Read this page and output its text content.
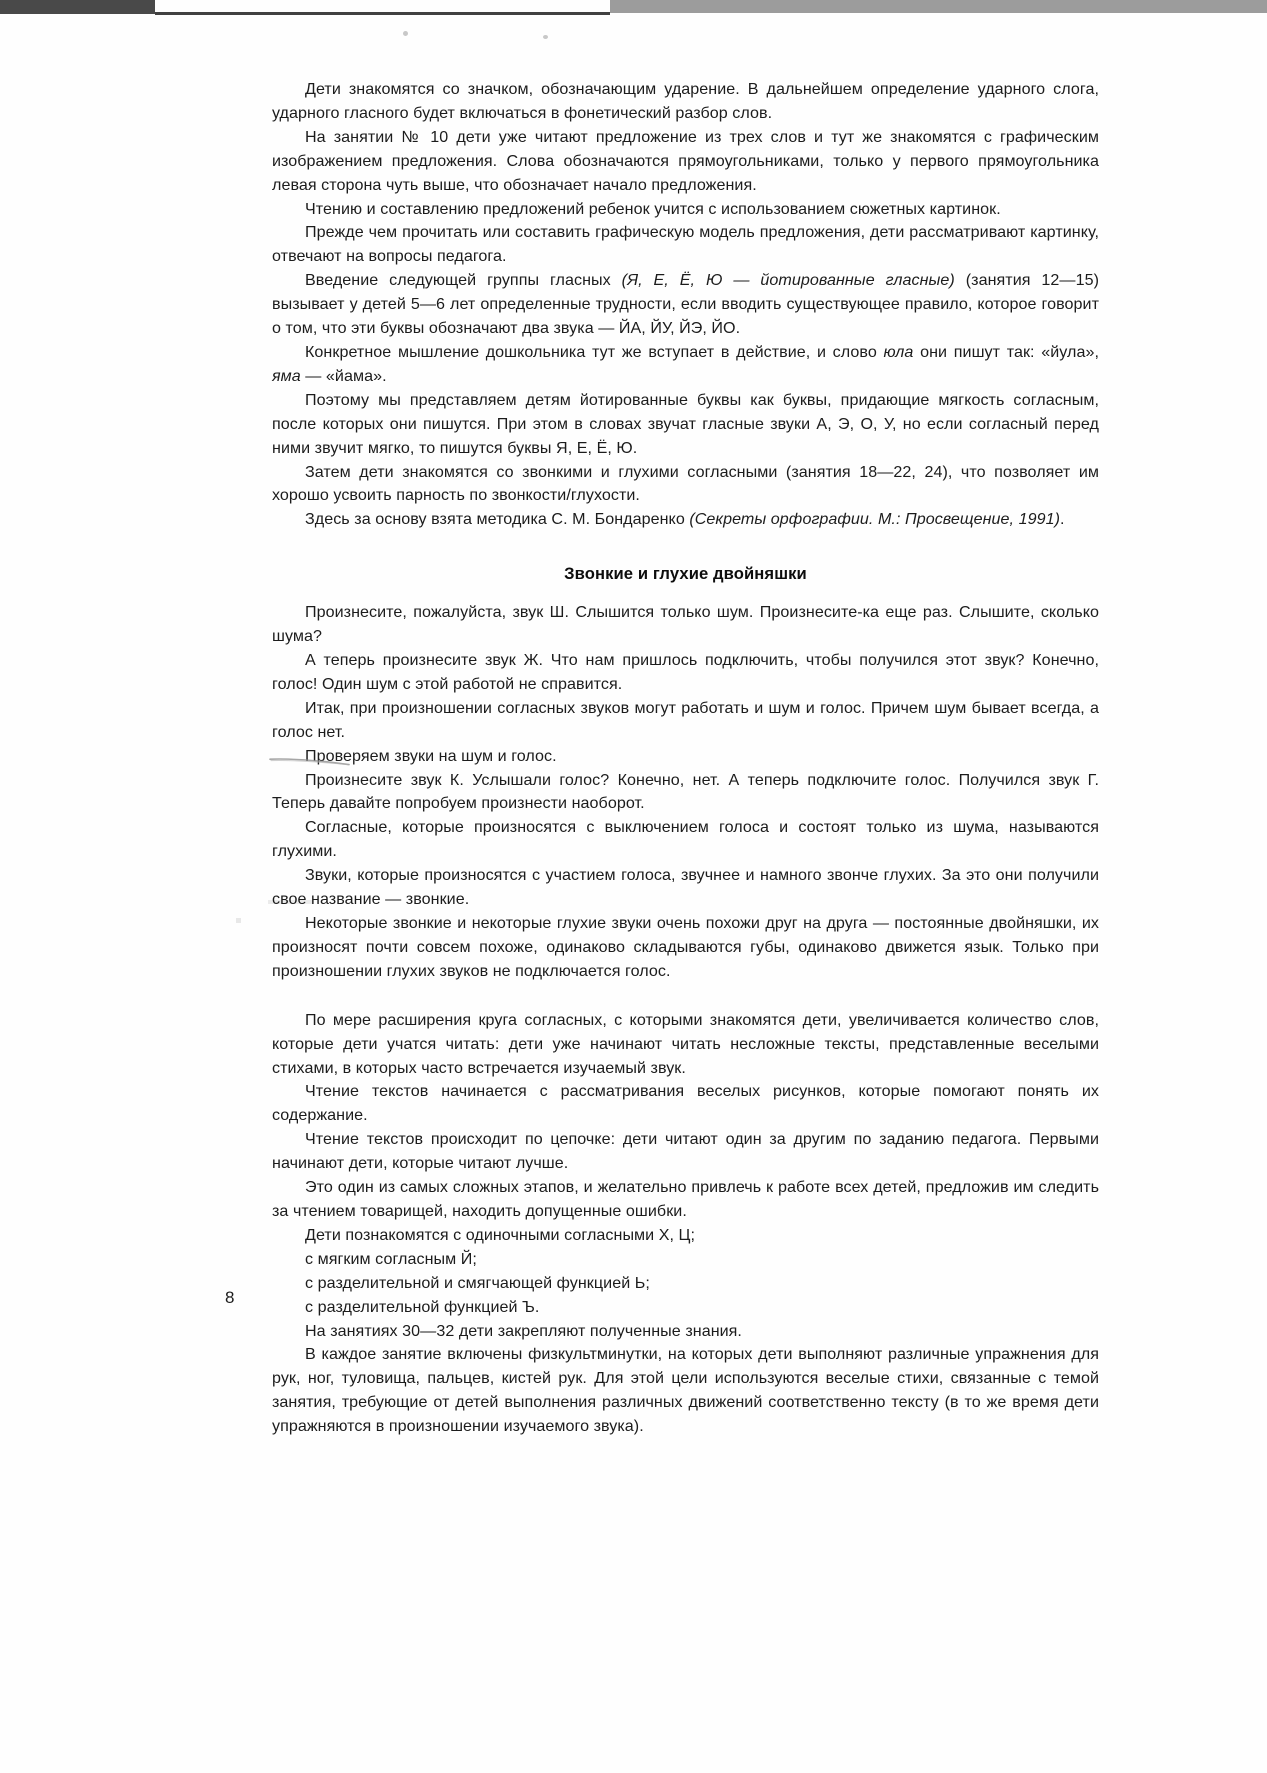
Дети знакомятся со значком, обозначающим ударение. В дальнейшем определение ударного слога, ударного гласного будет включаться в фонетический разбор слов.

На занятии № 10 дети уже читают предложение из трех слов и тут же знакомятся с графическим изображением предложения. Слова обозначаются прямоугольниками, только у первого прямоугольника левая сторона чуть выше, что обозначает начало предложения.

Чтению и составлению предложений ребенок учится с использованием сюжетных картинок.

Прежде чем прочитать или составить графическую модель предложения, дети рассматривают картинку, отвечают на вопросы педагога.

Введение следующей группы гласных (Я, Е, Ё, Ю — йотированные гласные) (занятия 12—15) вызывает у детей 5—6 лет определенные трудности, если вводить существующее правило, которое говорит о том, что эти буквы обозначают два звука — ЙА, ЙУ, ЙЭ, ЙО.

Конкретное мышление дошкольника тут же вступает в действие, и слово юла они пишут так: «йула», яма — «йама».

Поэтому мы представляем детям йотированные буквы как буквы, придающие мягкость согласным, после которых они пишутся. При этом в словах звучат гласные звуки А, Э, О, У, но если согласный перед ними звучит мягко, то пишутся буквы Я, Е, Ё, Ю.

Затем дети знакомятся со звонкими и глухими согласными (занятия 18—22, 24), что позволяет им хорошо усвоить парность по звонкости/глухости.

Здесь за основу взята методика С. М. Бондаренко (Секреты орфографии. М.: Просвещение, 1991).

Звонкие и глухие двойняшки

Произнесите, пожалуйста, звук Ш. Слышится только шум. Произнесите-ка еще раз. Слышите, сколько шума?

А теперь произнесите звук Ж. Что нам пришлось подключить, чтобы получился этот звук? Конечно, голос! Один шум с этой работой не справится.

Итак, при произношении согласных звуков могут работать и шум и голос. Причем шум бывает всегда, а голос нет.

Проверяем звуки на шум и голос.

Произнесите звук К. Услышали голос? Конечно, нет. А теперь подключите голос. Получился звук Г. Теперь давайте попробуем произнести наоборот.

Согласные, которые произносятся с выключением голоса и состоят только из шума, называются глухими.

Звуки, которые произносятся с участием голоса, звучнее и намного звонче глухих. За это они получили свое название — звонкие.

Некоторые звонкие и некоторые глухие звуки очень похожи друг на друга — постоянные двойняшки, их произносят почти совсем похоже, одинаково складываются губы, одинаково движется язык. Только при произношении глухих звуков не подключается голос.

По мере расширения круга согласных, с которыми знакомятся дети, увеличивается количество слов, которые дети учатся читать: дети уже начинают читать несложные тексты, представленные веселыми стихами, в которых часто встречается изучаемый звук.

Чтение текстов начинается с рассматривания веселых рисунков, которые помогают понять их содержание.

Чтение текстов происходит по цепочке: дети читают один за другим по заданию педагога. Первыми начинают дети, которые читают лучше.

Это один из самых сложных этапов, и желательно привлечь к работе всех детей, предложив им следить за чтением товарищей, находить допущенные ошибки.

Дети познакомятся с одиночными согласными Х, Ц;

с мягким согласным Й;

с разделительной и смягчающей функцией Ь;

с разделительной функцией Ъ.

На занятиях 30—32 дети закрепляют полученные знания.

В каждое занятие включены физкультминутки, на которых дети выполняют различные упражнения для рук, ног, туловища, пальцев, кистей рук. Для этой цели используются веселые стихи, связанные с темой занятия, требующие от детей выполнения различных движений соответственно тексту (в то же время дети упражняются в произношении изучаемого звука).

8
